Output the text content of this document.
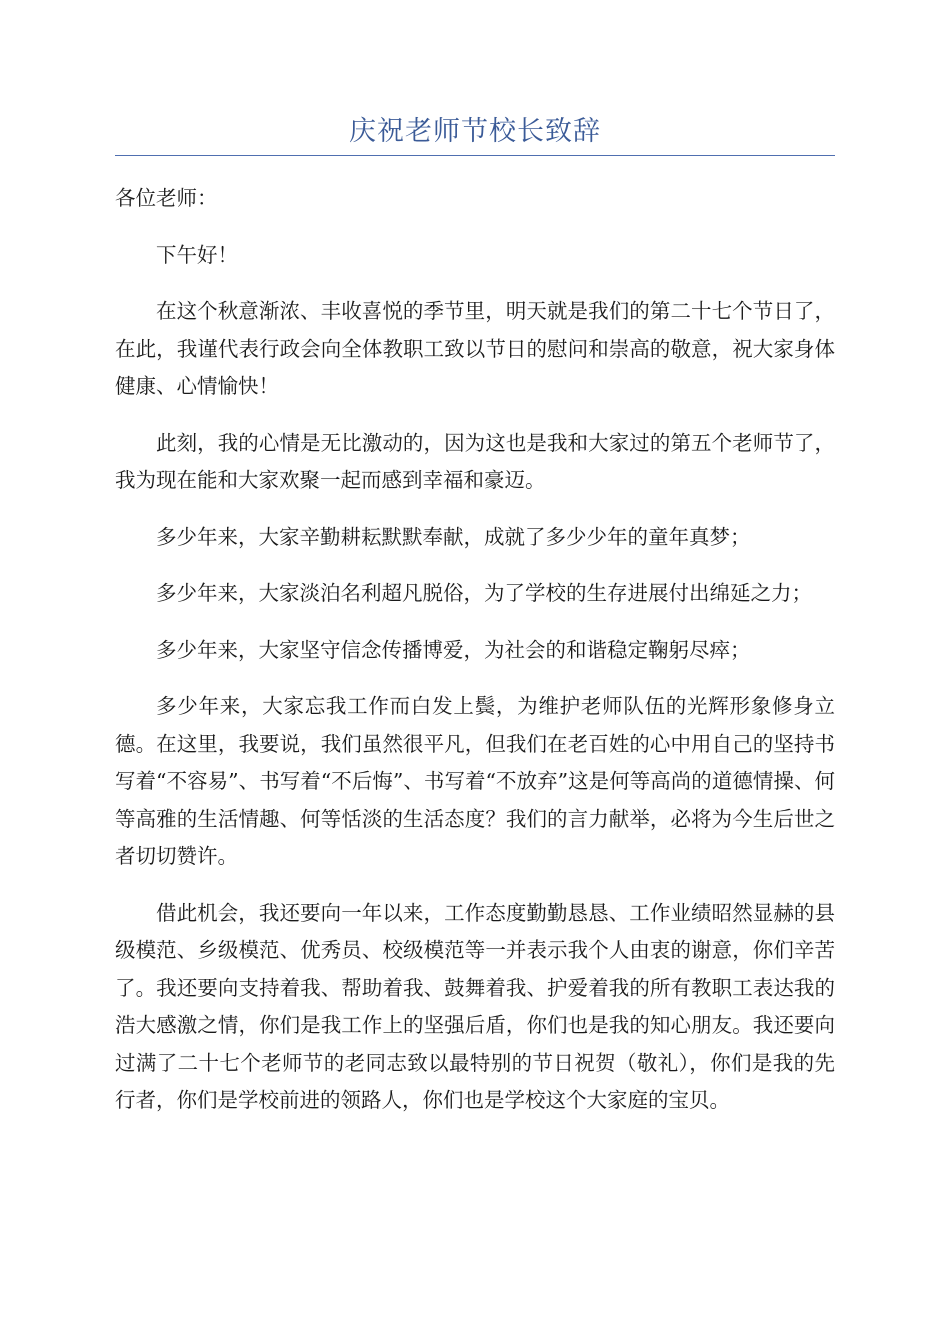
庆祝老师节校长致辞

各位老师：

下午好！

在这个秋意渐浓、丰收喜悦的季节里，明天就是我们的第二十七个节日了，在此，我谨代表行政会向全体教职工致以节日的慰问和崇高的敬意，祝大家身体健康、心情愉快！

此刻，我的心情是无比激动的，因为这也是我和大家过的第五个老师节了，我为现在能和大家欢聚一起而感到幸福和豪迈。

多少年来，大家辛勤耕耘默默奉献，成就了多少少年的童年真梦；

多少年来，大家淡泊名利超凡脱俗，为了学校的生存进展付出绵延之力；

多少年来，大家坚守信念传播博爱，为社会的和谐稳定鞠躬尽瘁；

多少年来，大家忘我工作而白发上鬓，为维护老师队伍的光辉形象修身立德。在这里，我要说，我们虽然很平凡，但我们在老百姓的心中用自己的坚持书写着“不容易”、书写着“不后悔”、书写着“不放弃”这是何等高尚的道德情操、何等高雅的生活情趣、何等恬淡的生活态度？我们的言力献举，必将为今生后世之者切切赞许。

借此机会，我还要向一年以来，工作态度勤勤恳恳、工作业绩昭然显赫的县级模范、乡级模范、优秀员、校级模范等一并表示我个人由衷的谢意，你们辛苦了。我还要向支持着我、帮助着我、鼓舞着我、护爱着我的所有教职工表达我的浩大感激之情，你们是我工作上的坚强后盾，你们也是我的知心朋友。我还要向过满了二十七个老师节的老同志致以最特别的节日祝贺（敬礼），你们是我的先行者，你们是学校前进的领路人，你们也是学校这个大家庭的宝贝。
